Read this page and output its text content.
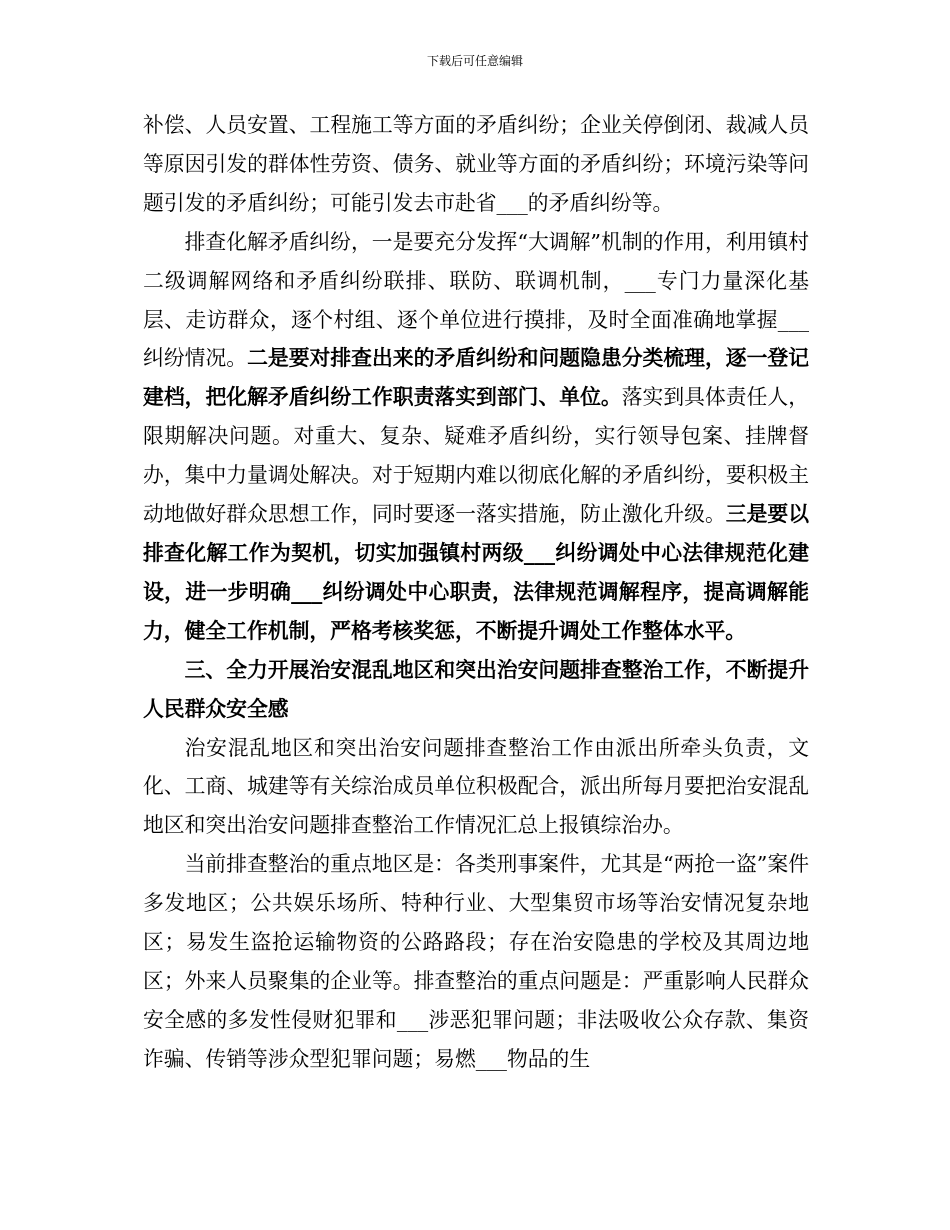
下载后可任意编辑

补偿、人员安置、工程施工等方面的矛盾纠纷；企业关停倒闭、裁减人员等原因引发的群体性劳资、债务、就业等方面的矛盾纠纷；环境污染等问题引发的矛盾纠纷；可能引发去市赴省___的矛盾纠纷等。

排查化解矛盾纠纷，一是要充分发挥“大调解”机制的作用，利用镇村二级调解网络和矛盾纠纷联排、联防、联调机制，___专门力量深化基层、走访群众，逐个村组、逐个单位进行摸排，及时全面准确地掌握___纠纷情况。二是要对排查出来的矛盾纠纷和问题隐患分类梳理，逐一登记建档，把化解矛盾纠纷工作职责落实到部门、单位。落实到具体责任人，限期解决问题。对重大、复杂、疑难矛盾纠纷，实行领导包案、挂牌督办，集中力量调处解决。对于短期内难以彻底化解的矛盾纠纷，要积极主动地做好群众思想工作，同时要逐一落实措施，防止激化升级。三是要以排查化解工作为契机，切实加强镇村两级___纠纷调处中心法律规范化建设，进一步明确___纠纷调处中心职责，法律规范调解程序，提高调解能力，健全工作机制，严格考核奖惩，不断提升调处工作整体水平。

三、全力开展治安混乱地区和突出治安问题排查整治工作，不断提升人民群众安全感

治安混乱地区和突出治安问题排查整治工作由派出所牵头负责，文化、工商、城建等有关综治成员单位积极配合，派出所每月要把治安混乱地区和突出治安问题排查整治工作情况汇总上报镇综治办。

当前排查整治的重点地区是：各类刑事案件，尤其是“两抢一盗”案件多发地区；公共娱乐场所、特种行业、大型集贸市场等治安情况复杂地区；易发生盗抢运输物资的公路路段；存在治安隐患的学校及其周边地区；外来人员聚集的企业等。排查整治的重点问题是：严重影响人民群众安全感的多发性侵财犯罪和___涉恶犯罪问题；非法吸收公众存款、集资诈骗、传销等涉众型犯罪问题；易燃___物品的生
